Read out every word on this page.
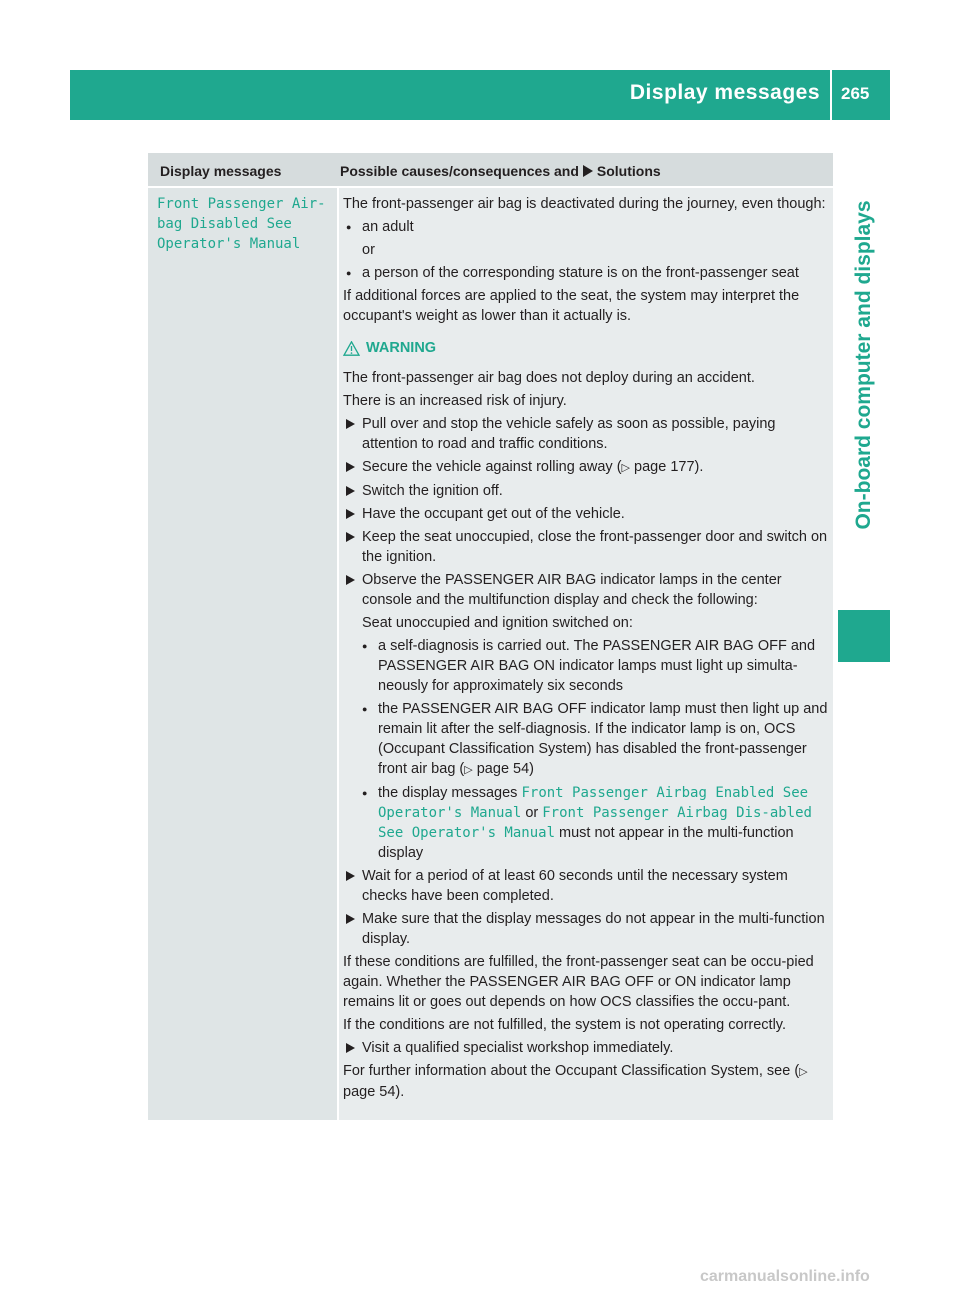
Display messages 265
On-board computer and displays
Display messages	Possible causes/consequences and Solutions
Front Passenger Air‐bag Disabled See Operator's Manual

The front-passenger air bag is deactivated during the journey, even though:

● an adult
or
● a person of the corresponding stature is on the front-passenger seat

If additional forces are applied to the seat, the system may interpret the occupant's weight as lower than it actually is.

WARNING

The front-passenger air bag does not deploy during an accident.

There is an increased risk of injury.

Pull over and stop the vehicle safely as soon as possible, paying attention to road and traffic conditions.
Secure the vehicle against rolling away (▷ page 177).
Switch the ignition off.
Have the occupant get out of the vehicle.
Keep the seat unoccupied, close the front-passenger door and switch on the ignition.
Observe the PASSENGER AIR BAG indicator lamps in the center console and the multifunction display and check the following:
Seat unoccupied and ignition switched on:
● a self-diagnosis is carried out. The PASSENGER AIR BAG OFF and PASSENGER AIR BAG ON indicator lamps must light up simulta-neously for approximately six seconds
● the PASSENGER AIR BAG OFF indicator lamp must then light up and remain lit after the self-diagnosis. If the indicator lamp is on, OCS (Occupant Classification System) has disabled the front-passenger front air bag (▷ page 54)
● the display messages Front Passenger Airbag Enabled See Operator's Manual or Front Passenger Airbag Dis‐abled See Operator's Manual must not appear in the multi-function display
Wait for a period of at least 60 seconds until the necessary system checks have been completed.
Make sure that the display messages do not appear in the multi-function display.

If these conditions are fulfilled, the front-passenger seat can be occu-pied again. Whether the PASSENGER AIR BAG OFF or ON indicator lamp remains lit or goes out depends on how OCS classifies the occu-pant.

If the conditions are not fulfilled, the system is not operating correctly.

Visit a qualified specialist workshop immediately.

For further information about the Occupant Classification System, see (▷ page 54).

carmanualsonline.info
